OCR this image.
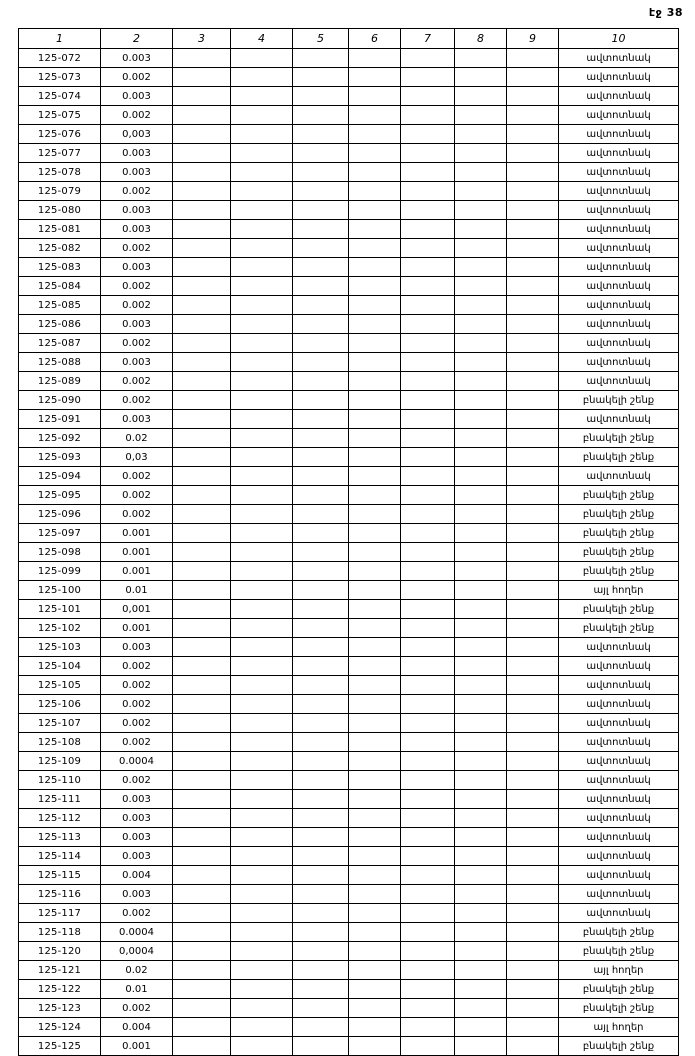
էջ 38
1	2	3	4	5	6	7	8	9	10
125-072	0.003								ավտոտնակ
125-073	0.002								ավտոտնակ
125-074	0.003								ավտոտնակ
125-075	0.002								ավտոտնակ
125-076	0,003								ավտոտնակ
125-077	0.003								ավտոտնակ
125-078	0.003								ավտոտնակ
125-079	0.002								ավտոտնակ
125-080	0.003								ավտոտնակ
125-081	0.003								ավտոտնակ
125-082	0.002								ավտոտնակ
125-083	0.003								ավտոտնակ
125-084	0.002								ավտոտնակ
125-085	0.002								ավտոտնակ
125-086	0.003								ավտոտնակ
125-087	0.002								ավտոտնակ
125-088	0.003								ավտոտնակ
125-089	0.002								ավտոտնակ
125-090	0.002								բնակելի շենք
125-091	0.003								ավտոտնակ
125-092	0.02								բնակելի շենք
125-093	0,03								բնակելի շենք
125-094	0.002								ավտոտնակ
125-095	0.002								բնակելի շենք
125-096	0.002								բնակելի շենք
125-097	0.001								բնակելի շենք
125-098	0.001								բնակելի շենք
125-099	0.001								բնակելի շենք
125-100	0.01								այլ հողեր
125-101	0,001								բնակելի շենք
125-102	0.001								բնակելի շենք
125-103	0.003								ավտոտնակ
125-104	0.002								ավտոտնակ
125-105	0.002								ավտոտնակ
125-106	0.002								ավտոտնակ
125-107	0.002								ավտոտնակ
125-108	0.002								ավտոտնակ
125-109	0.0004								ավտոտնակ
125-110	0.002								ավտոտնակ
125-111	0.003								ավտոտնակ
125-112	0.003								ավտոտնակ
125-113	0.003								ավտոտնակ
125-114	0.003								ավտոտնակ
125-115	0.004								ավտոտնակ
125-116	0.003								ավտոտնակ
125-117	0.002								ավտոտնակ
125-118	0.0004								բնակելի շենք
125-120	0,0004								բնակելի շենք
125-121	0.02								այլ հողեր
125-122	0.01								բնակելի շենք
125-123	0.002								բնակելի շենք
125-124	0.004								այլ հողեր
125-125	0.001								բնակելի շենք
